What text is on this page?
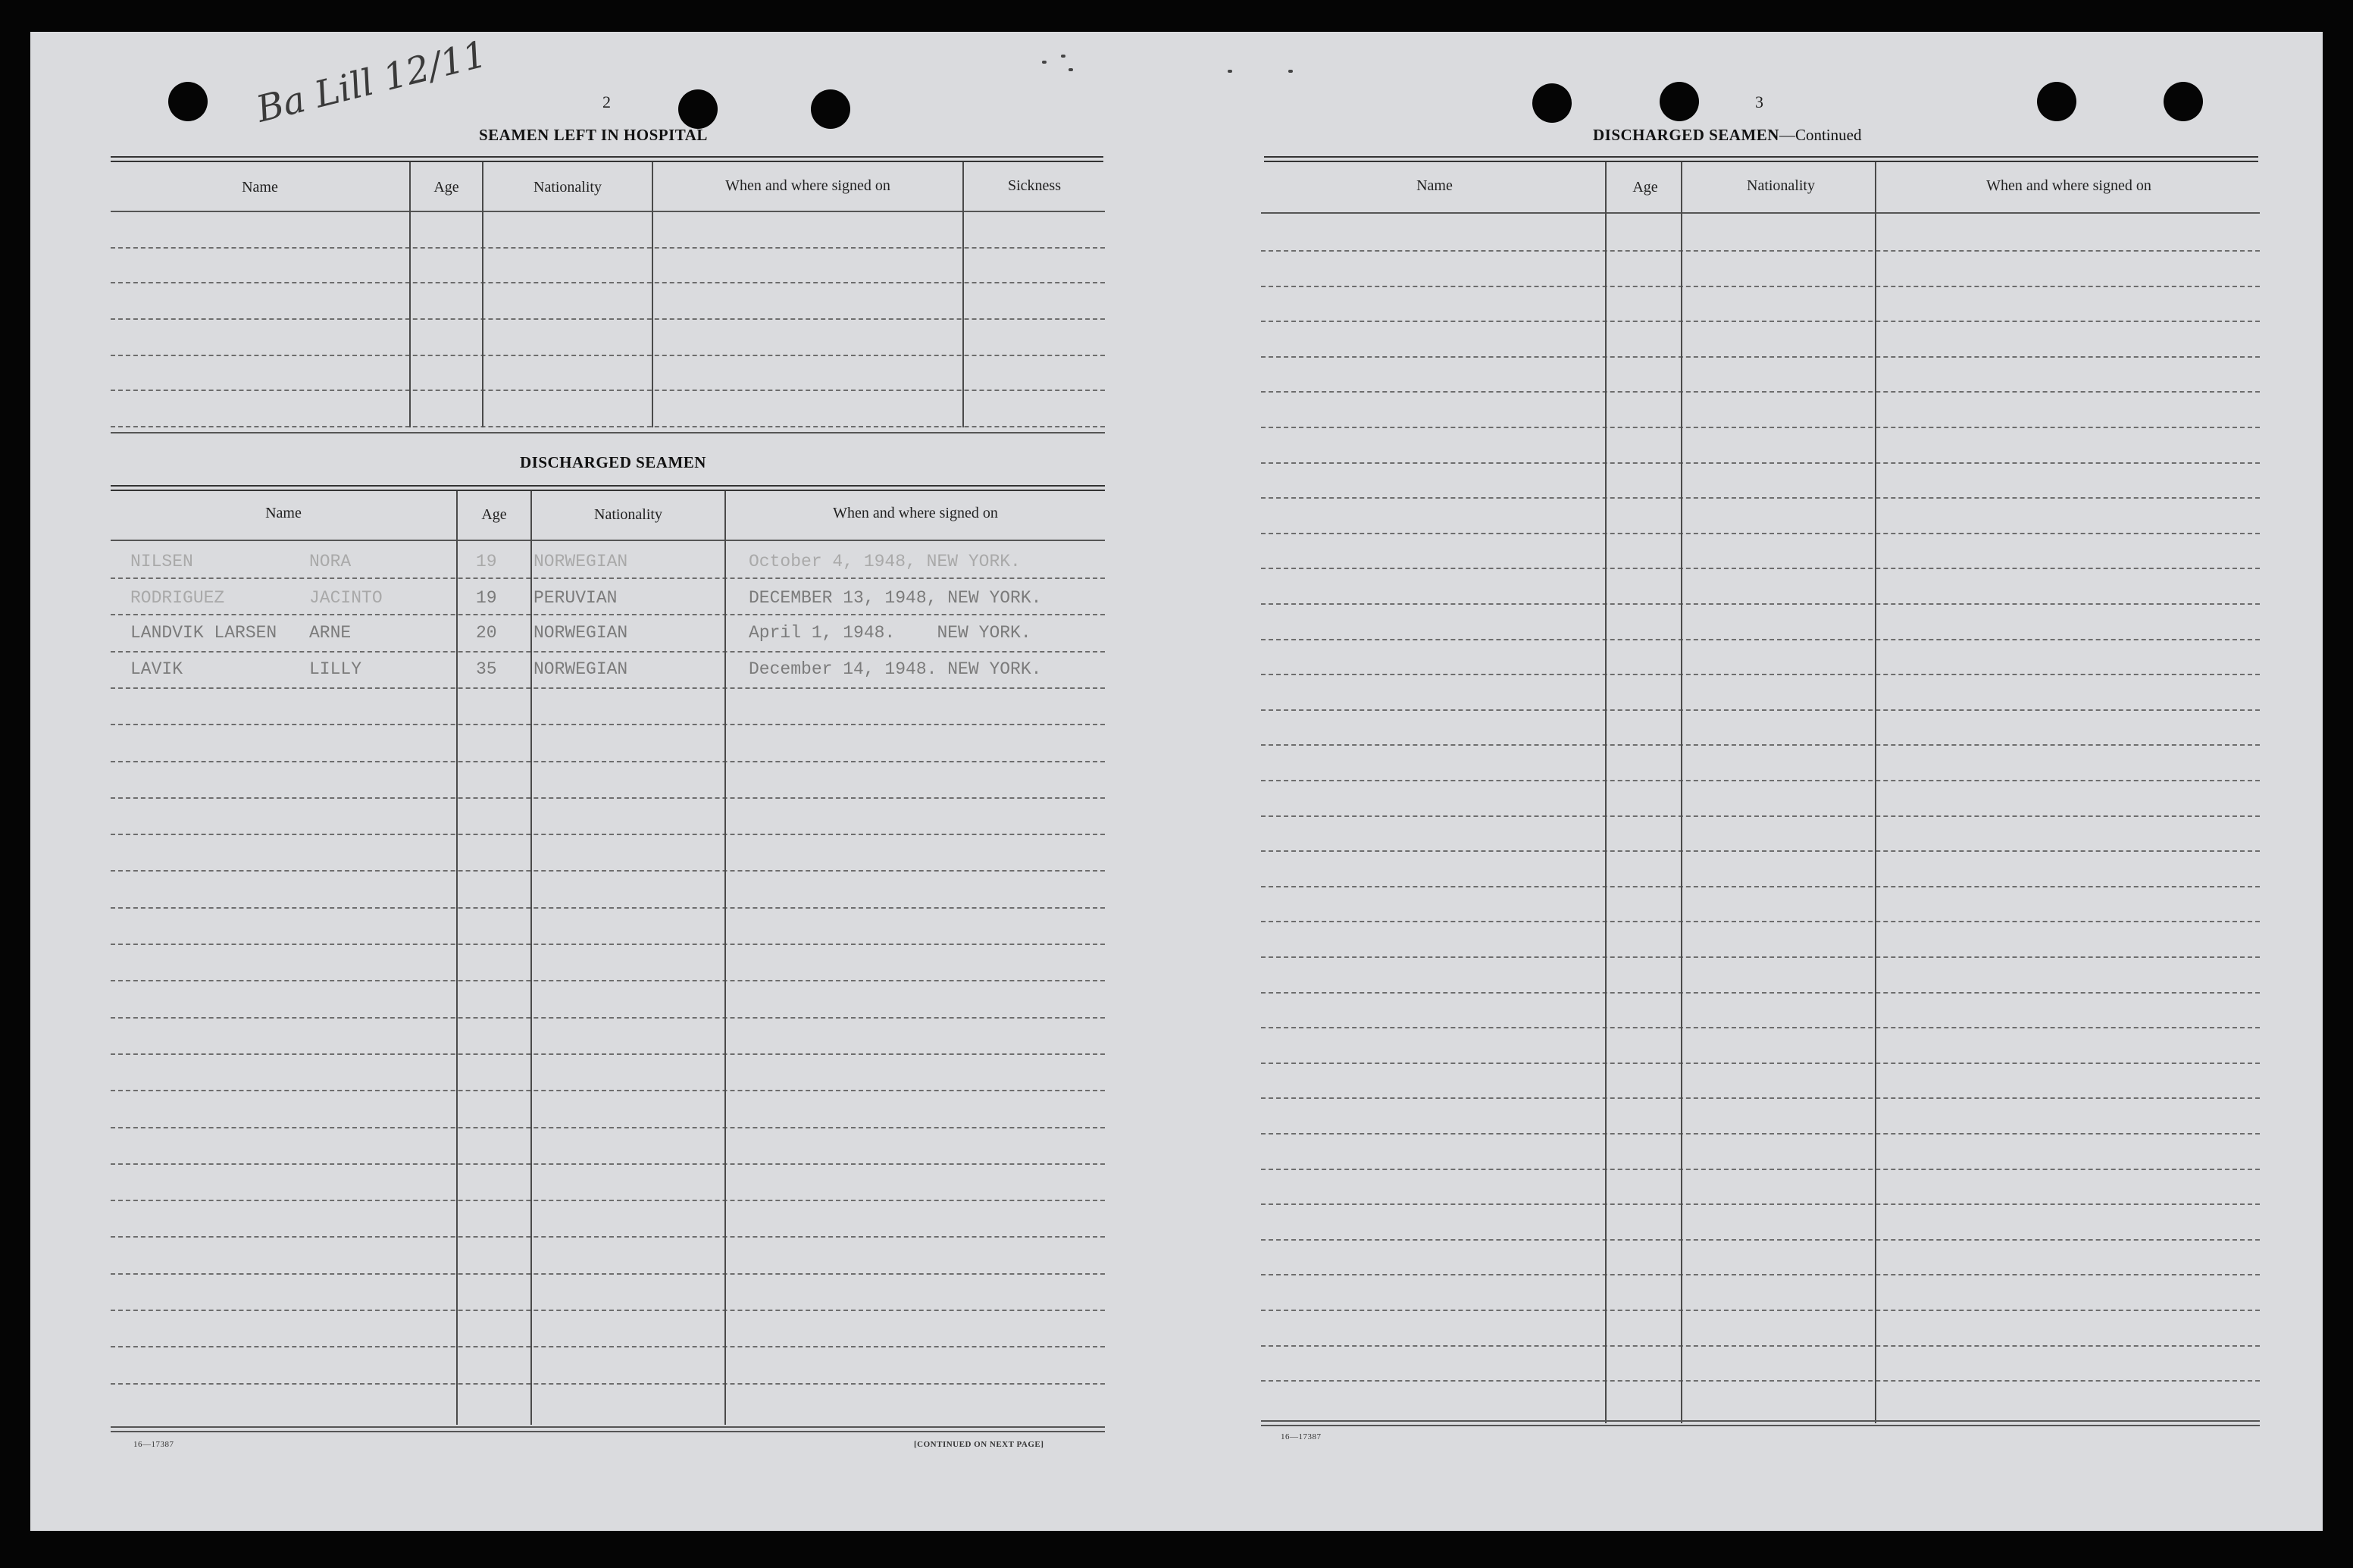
Ba Lill 12/11	2
SEAMEN LEFT IN HOSPITAL
Name	Age	Nationality	When and where signed on	Sickness
DISCHARGED SEAMEN
Name	Age	Nationality	When and where signed on
NILSEN	NORA	19 NORWEGIAN	October 4, 1948, NEW YORK.
RODRIGUEZ	JACINTO	19 PERUVIAN	DECEMBER 13, 1948, NEW YORK.
LANDVIK LARSEN ARNE	20 NORWEGIAN	April 1, 1948.    NEW YORK.
LAVIK	LILLY	35 NORWEGIAN	December 14, 1948. NEW YORK.
16—17387	[CONTINUED ON NEXT PAGE]
3
DISCHARGED SEAMEN—Continued
Name	Age	Nationality	When and where signed on
16—17387
